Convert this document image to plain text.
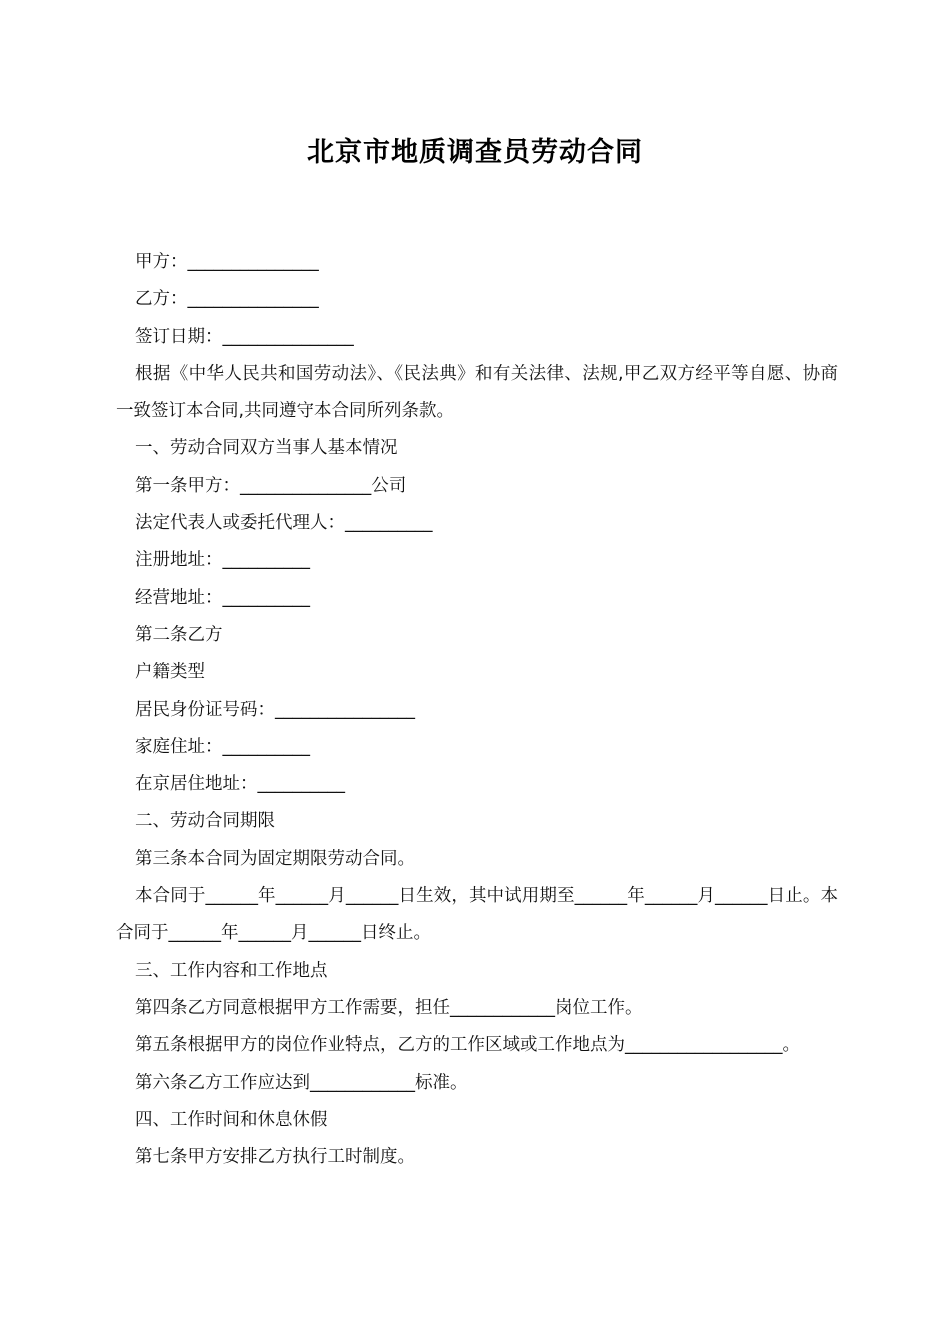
北京市地质调查员劳动合同

甲方：_______________

乙方：_______________

签订日期：_______________

根据《中华人民共和国劳动法》、《民法典》和有关法律、法规,甲乙双方经平等自愿、协商一致签订本合同,共同遵守本合同所列条款。

一、劳动合同双方当事人基本情况

第一条甲方：_______________公司

法定代表人或委托代理人：__________

注册地址：__________

经营地址：__________

第二条乙方

户籍类型

居民身份证号码：________________

家庭住址：__________

在京居住地址：__________

二、劳动合同期限

第三条本合同为固定期限劳动合同。

本合同于______年______月______日生效，其中试用期至______年______月______日止。本合同于______年______月______日终止。

三、工作内容和工作地点

第四条乙方同意根据甲方工作需要，担任____________岗位工作。

第五条根据甲方的岗位作业特点，乙方的工作区域或工作地点为__________________。

第六条乙方工作应达到____________标准。

四、工作时间和休息休假

第七条甲方安排乙方执行工时制度。
